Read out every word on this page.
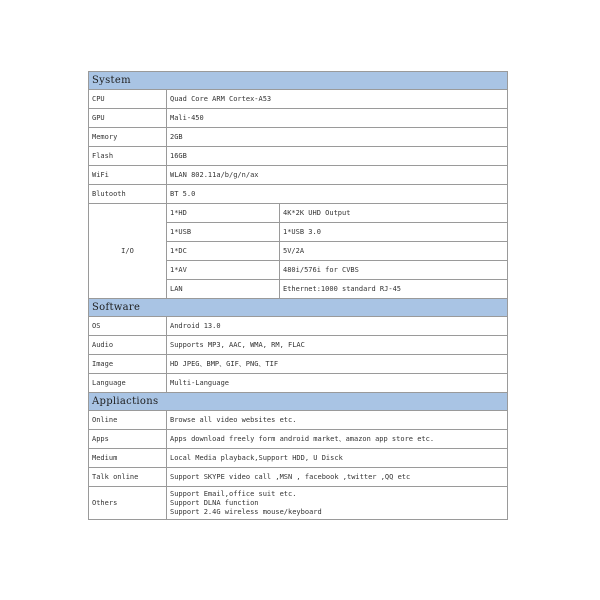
System		
CPU	Quad Core ARM Cortex-A53	
GPU	Mali-450	
Memory	2GB	
Flash	16GB	
WiFi	WLAN 802.11a/b/g/n/ax	
Blutooth	BT 5.0	
I/O	1*HD	4K*2K UHD Output
	1*USB	1*USB 3.0
	1*DC	5V/2A
	1*AV	480i/576i for CVBS
	LAN	Ethernet:1000 standard RJ-45
Software		
OS	Android 13.0	
Audio	Supports MP3, AAC, WMA, RM, FLAC	
Image	HD JPEG、BMP、GIF、PNG、TIF	
Language	Multi-Language	
Appliactions		
Online	Browse all video websites etc.	
Apps	Apps download freely form android market、amazon app store etc.	
Medium	Local Media playback,Support HDD, U Disck	
Talk online	Support SKYPE video call ,MSN , facebook ,twitter ,QQ etc	
Others	Support Email,office suit etc.
Support DLNA function
Support 2.4G wireless mouse/keyboard	
